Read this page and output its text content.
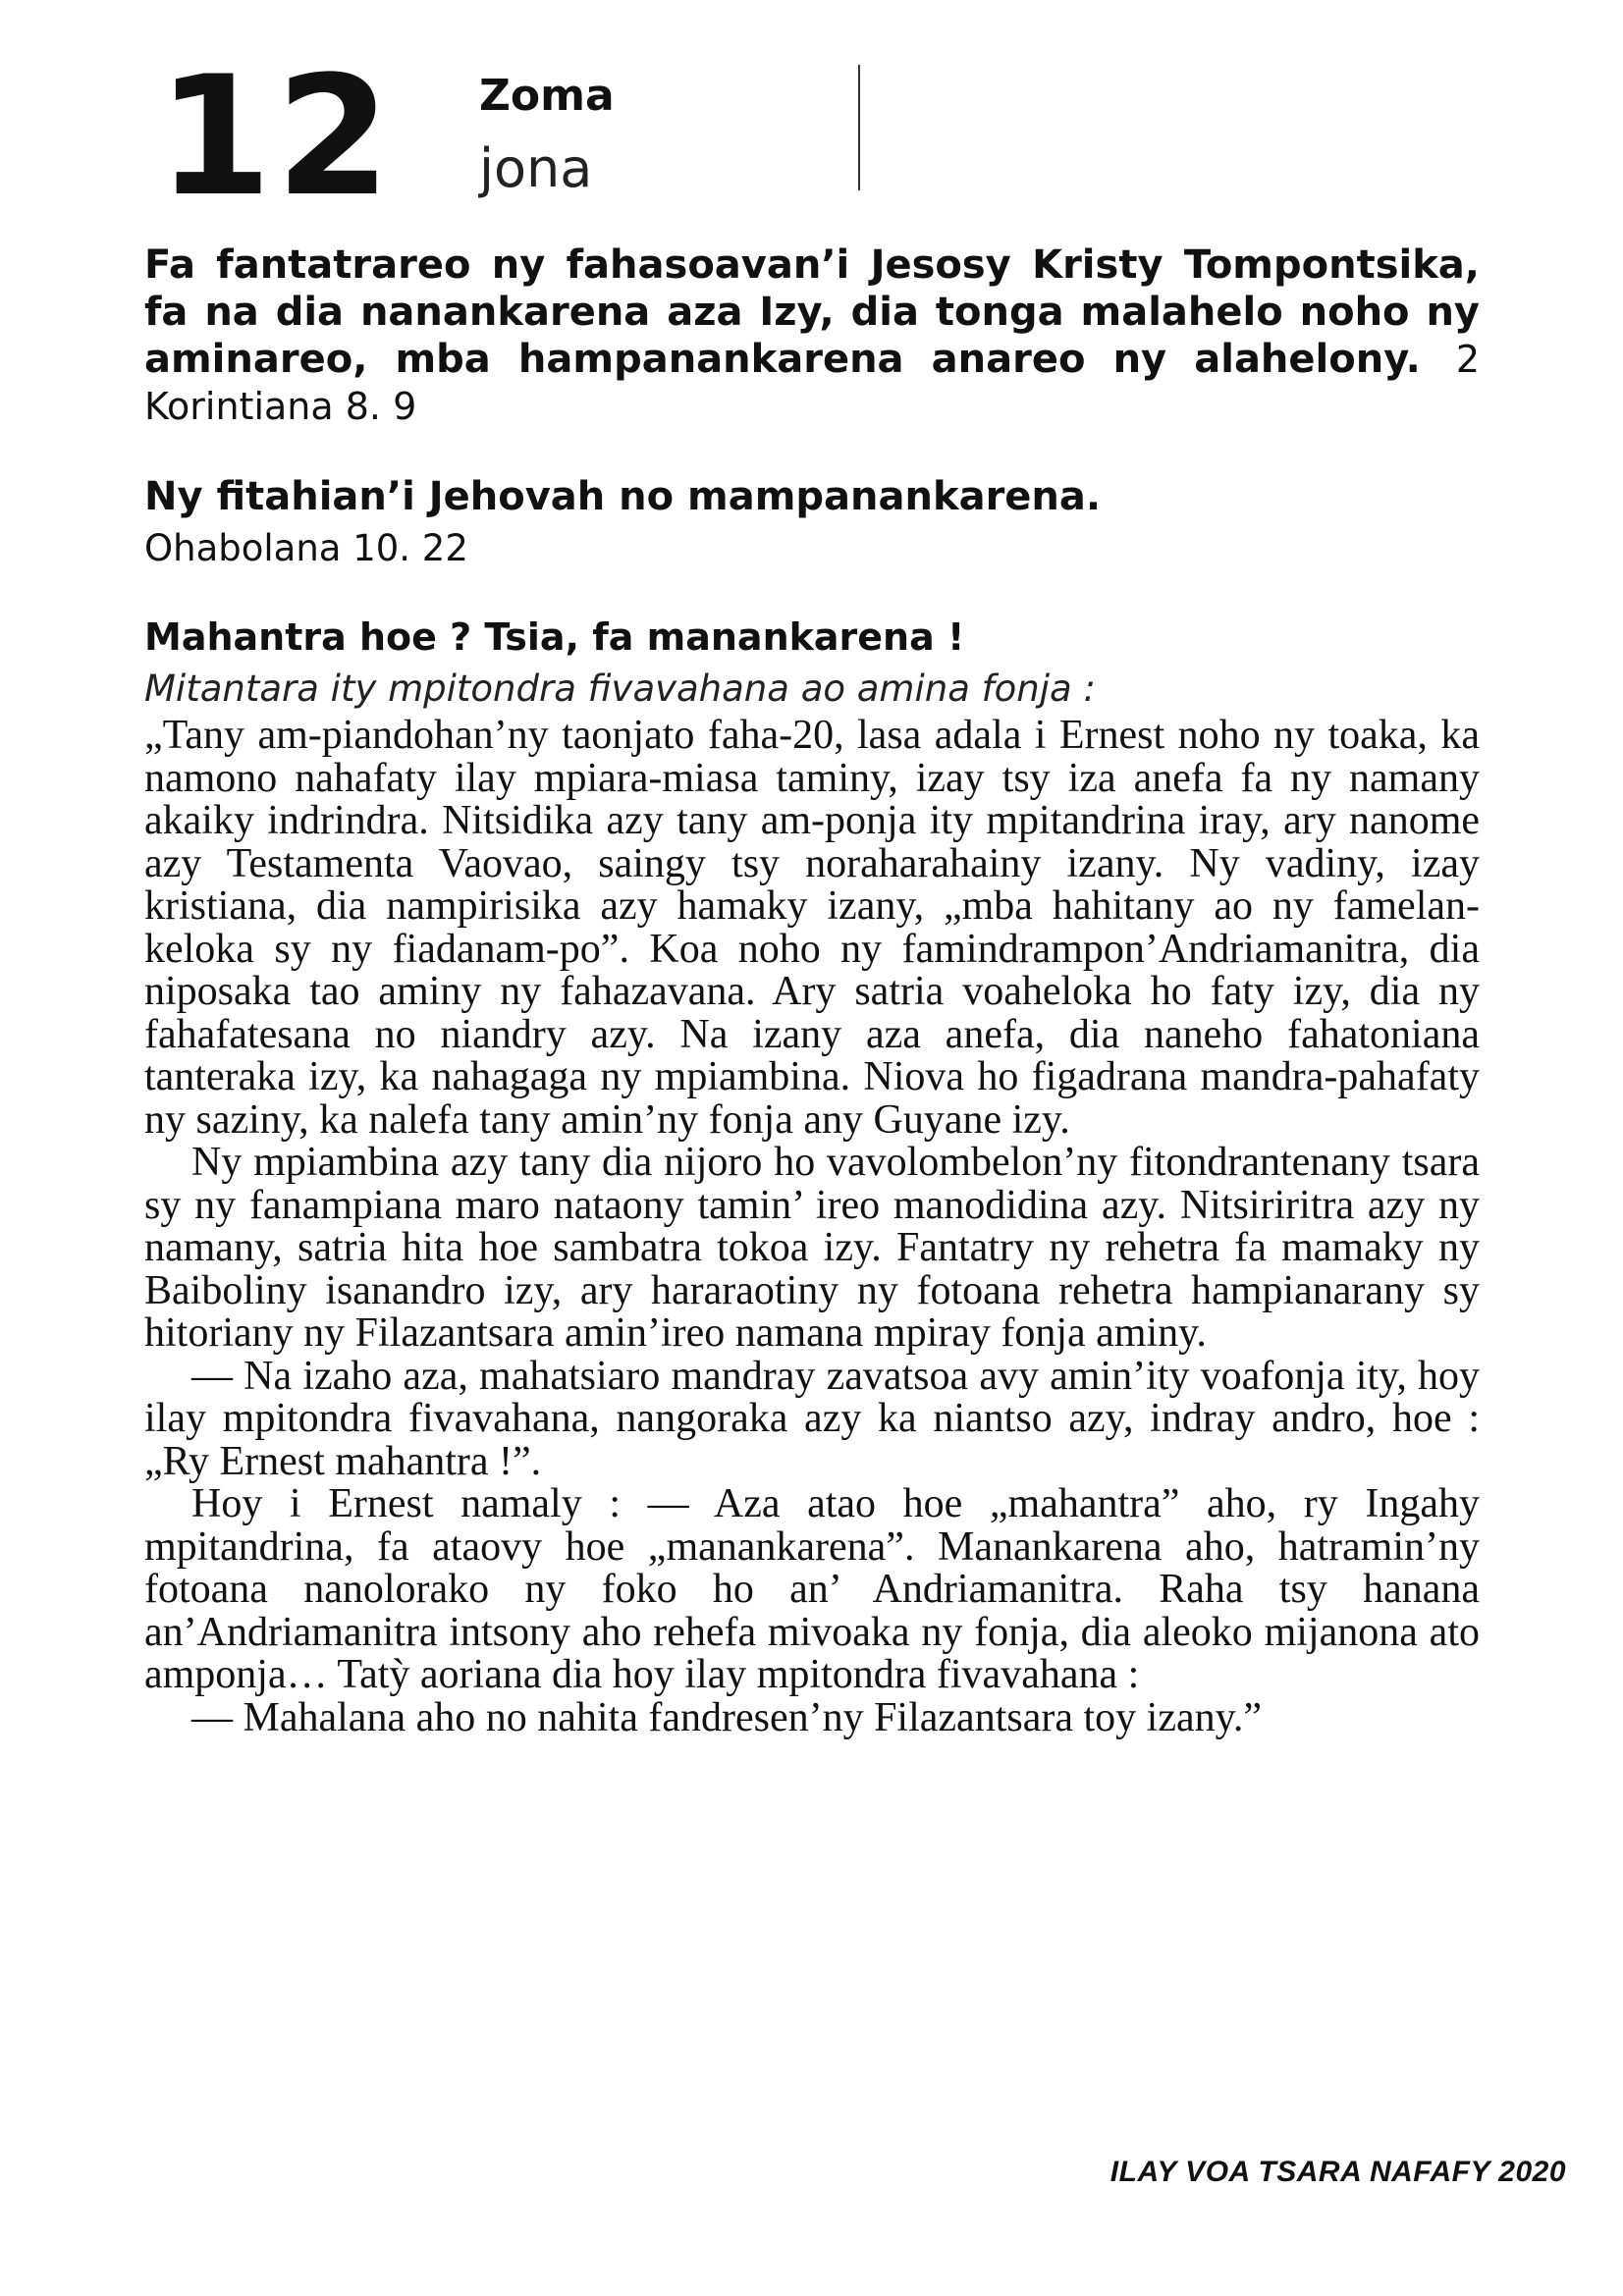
12 Zoma
jona
Fa fantatrareo ny fahasoavan’i Jesosy Kristy Tompontsika, fa na dia nanankarena aza Izy, dia tonga malahelo noho ny aminareo, mba hampanankarena anareo ny alahelony. 2 Korintiana 8. 9
Ny fitahian’i Jehovah no mampanankarena.
Ohabolana 10. 22
Mahantra hoe ? Tsia, fa manankarena !
Mitantara ity mpitondra fivavahana ao amina fonja :

„Tany am-piandohan’ny taonjato faha-20, lasa adala i Ernest noho ny toaka, ka namono nahafaty ilay mpiara-miasa taminy, izay tsy iza anefa fa ny namany akaiky indrindra. Nitsidika azy tany am-ponja ity mpitandrina iray, ary nanome azy Testamenta Vaovao, saingy tsy noraharahainy izany. Ny vadiny, izay kristiana, dia nampirisika azy hamaky izany, „mba hahitany ao ny famelan-keloka sy ny fiadanam-po”. Koa noho ny famindrampon’Andriamanitra, dia niposaka tao aminy ny fahazavana. Ary satria voaheloka ho faty izy, dia ny fahafatesana no niandry azy. Na izany aza anefa, dia naneho fahatoniana tanteraka izy, ka nahagaga ny mpiambina. Niova ho figadrana mandra-pahafaty ny saziny, ka nalefa tany amin’ny fonja any Guyane izy.

Ny mpiambina azy tany dia nijoro ho vavolombelon’ny fitondrantenany tsara sy ny fanampiana maro nataony tamin’ ireo manodidina azy. Nitsiriritra azy ny namany, satria hita hoe sambatra tokoa izy. Fantatry ny rehetra fa mamaky ny Baiboliny isanandro izy, ary hararaotiny ny fotoana rehetra hampianarany sy hitoriany ny Filazantsara amin’ireo namana mpiray fonja aminy.

— Na izaho aza, mahatsiaro mandray zavatsoa avy amin’ity voafonja ity, hoy ilay mpitondra fivavahana, nangoraka azy ka niantso azy, indray andro, hoe : „Ry Ernest mahantra !”.

Hoy i Ernest namaly : — Aza atao hoe „mahantra” aho, ry Ingahy mpitandrina, fa ataovy hoe „manankarena”. Manankarena aho, hatramin’ny fotoana nanolorako ny foko ho an’ Andriamanitra. Raha tsy hanana an’Andriamanitra intsony aho rehefa mivoaka ny fonja, dia aleoko mijanona ato amponja… Tatỳ aoriana dia hoy ilay mpitondra fivavahana :

— Mahalana aho no nahita fandresen’ny Filazantsara toy izany.”

ILAY VOA TSARA NAFAFY 2020
